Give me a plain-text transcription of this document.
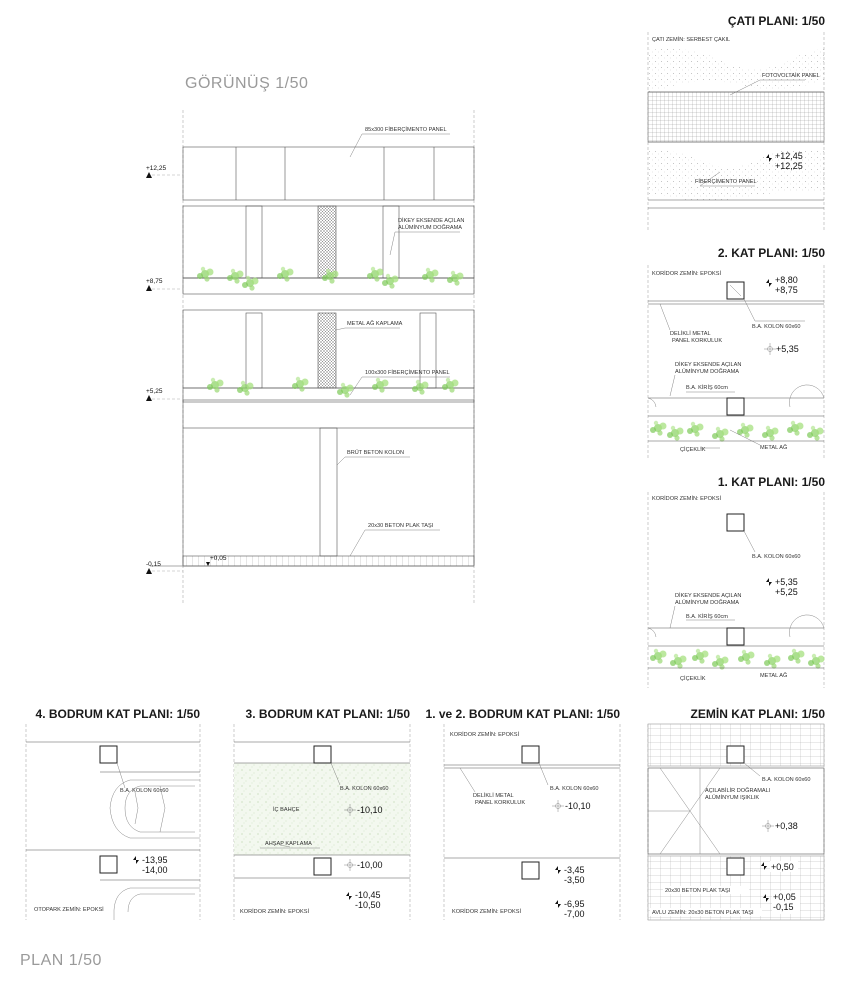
GÖRÜNÜŞ 1/50
+12,25
+8,75
+5,25
-0,15
+0,05
85x300 FİBERÇİMENTO PANEL
DİKEY EKSENDE AÇILAN
ALÜMİNYUM DOĞRAMA
METAL AĞ KAPLAMA
100x300 FİBERÇİMENTO PANEL
BRÜT BETON KOLON
20x30 BETON PLAK TAŞI
ÇATI PLANI: 1/50
ÇATI ZEMİN: SERBEST ÇAKIL
FOTOVOLTAİK PANEL
FİBERÇİMENTO PANEL
+12,45
+12,25
2. KAT PLANI: 1/50
KORİDOR ZEMİN: EPOKSİ
+8,80
+8,75
B.A. KOLON 60x60
DELİKLİ METAL
PANEL KORKULUK
+5,35
DİKEY EKSENDE AÇILAN
ALÜMİNYUM DOĞRAMA
B.A. KİRİŞ 60cm
METAL AĞ
ÇİÇEKLİK
1. KAT PLANI: 1/50
KORİDOR ZEMİN: EPOKSİ
B.A. KOLON 60x60
+5,35
+5,25
DİKEY EKSENDE AÇILAN
ALÜMİNYUM DOĞRAMA
B.A. KİRİŞ 60cm
METAL AĞ
ÇİÇEKLİK
4. BODRUM KAT PLANI: 1/50
B.A. KOLON 60x60
-13,95
-14,00
OTOPARK ZEMİN: EPOKSİ
3. BODRUM KAT PLANI: 1/50
B.A. KOLON 60x60
İÇ BAHÇE	-10,10
AHŞAP KAPLAMA
-10,00
-10,45
-10,50
KORİDOR ZEMİN: EPOKSİ
1. ve 2. BODRUM KAT PLANI: 1/50
KORİDOR ZEMİN: EPOKSİ
DELİKLİ METAL
PANEL KORKULUK
B.A. KOLON 60x60
-10,10
-3,45
-3,50
-6,95
-7,00
KORİDOR ZEMİN: EPOKSİ
ZEMİN KAT PLANI: 1/50
B.A. KOLON 60x60
AÇILABİLİR DOĞRAMALI
ALÜMİNYUM IŞIKLIK
+0,38
+0,50
20x30 BETON PLAK TAŞI
+0,05
-0,15
AVLU ZEMİN: 20x30 BETON PLAK TAŞI
PLAN 1/50
